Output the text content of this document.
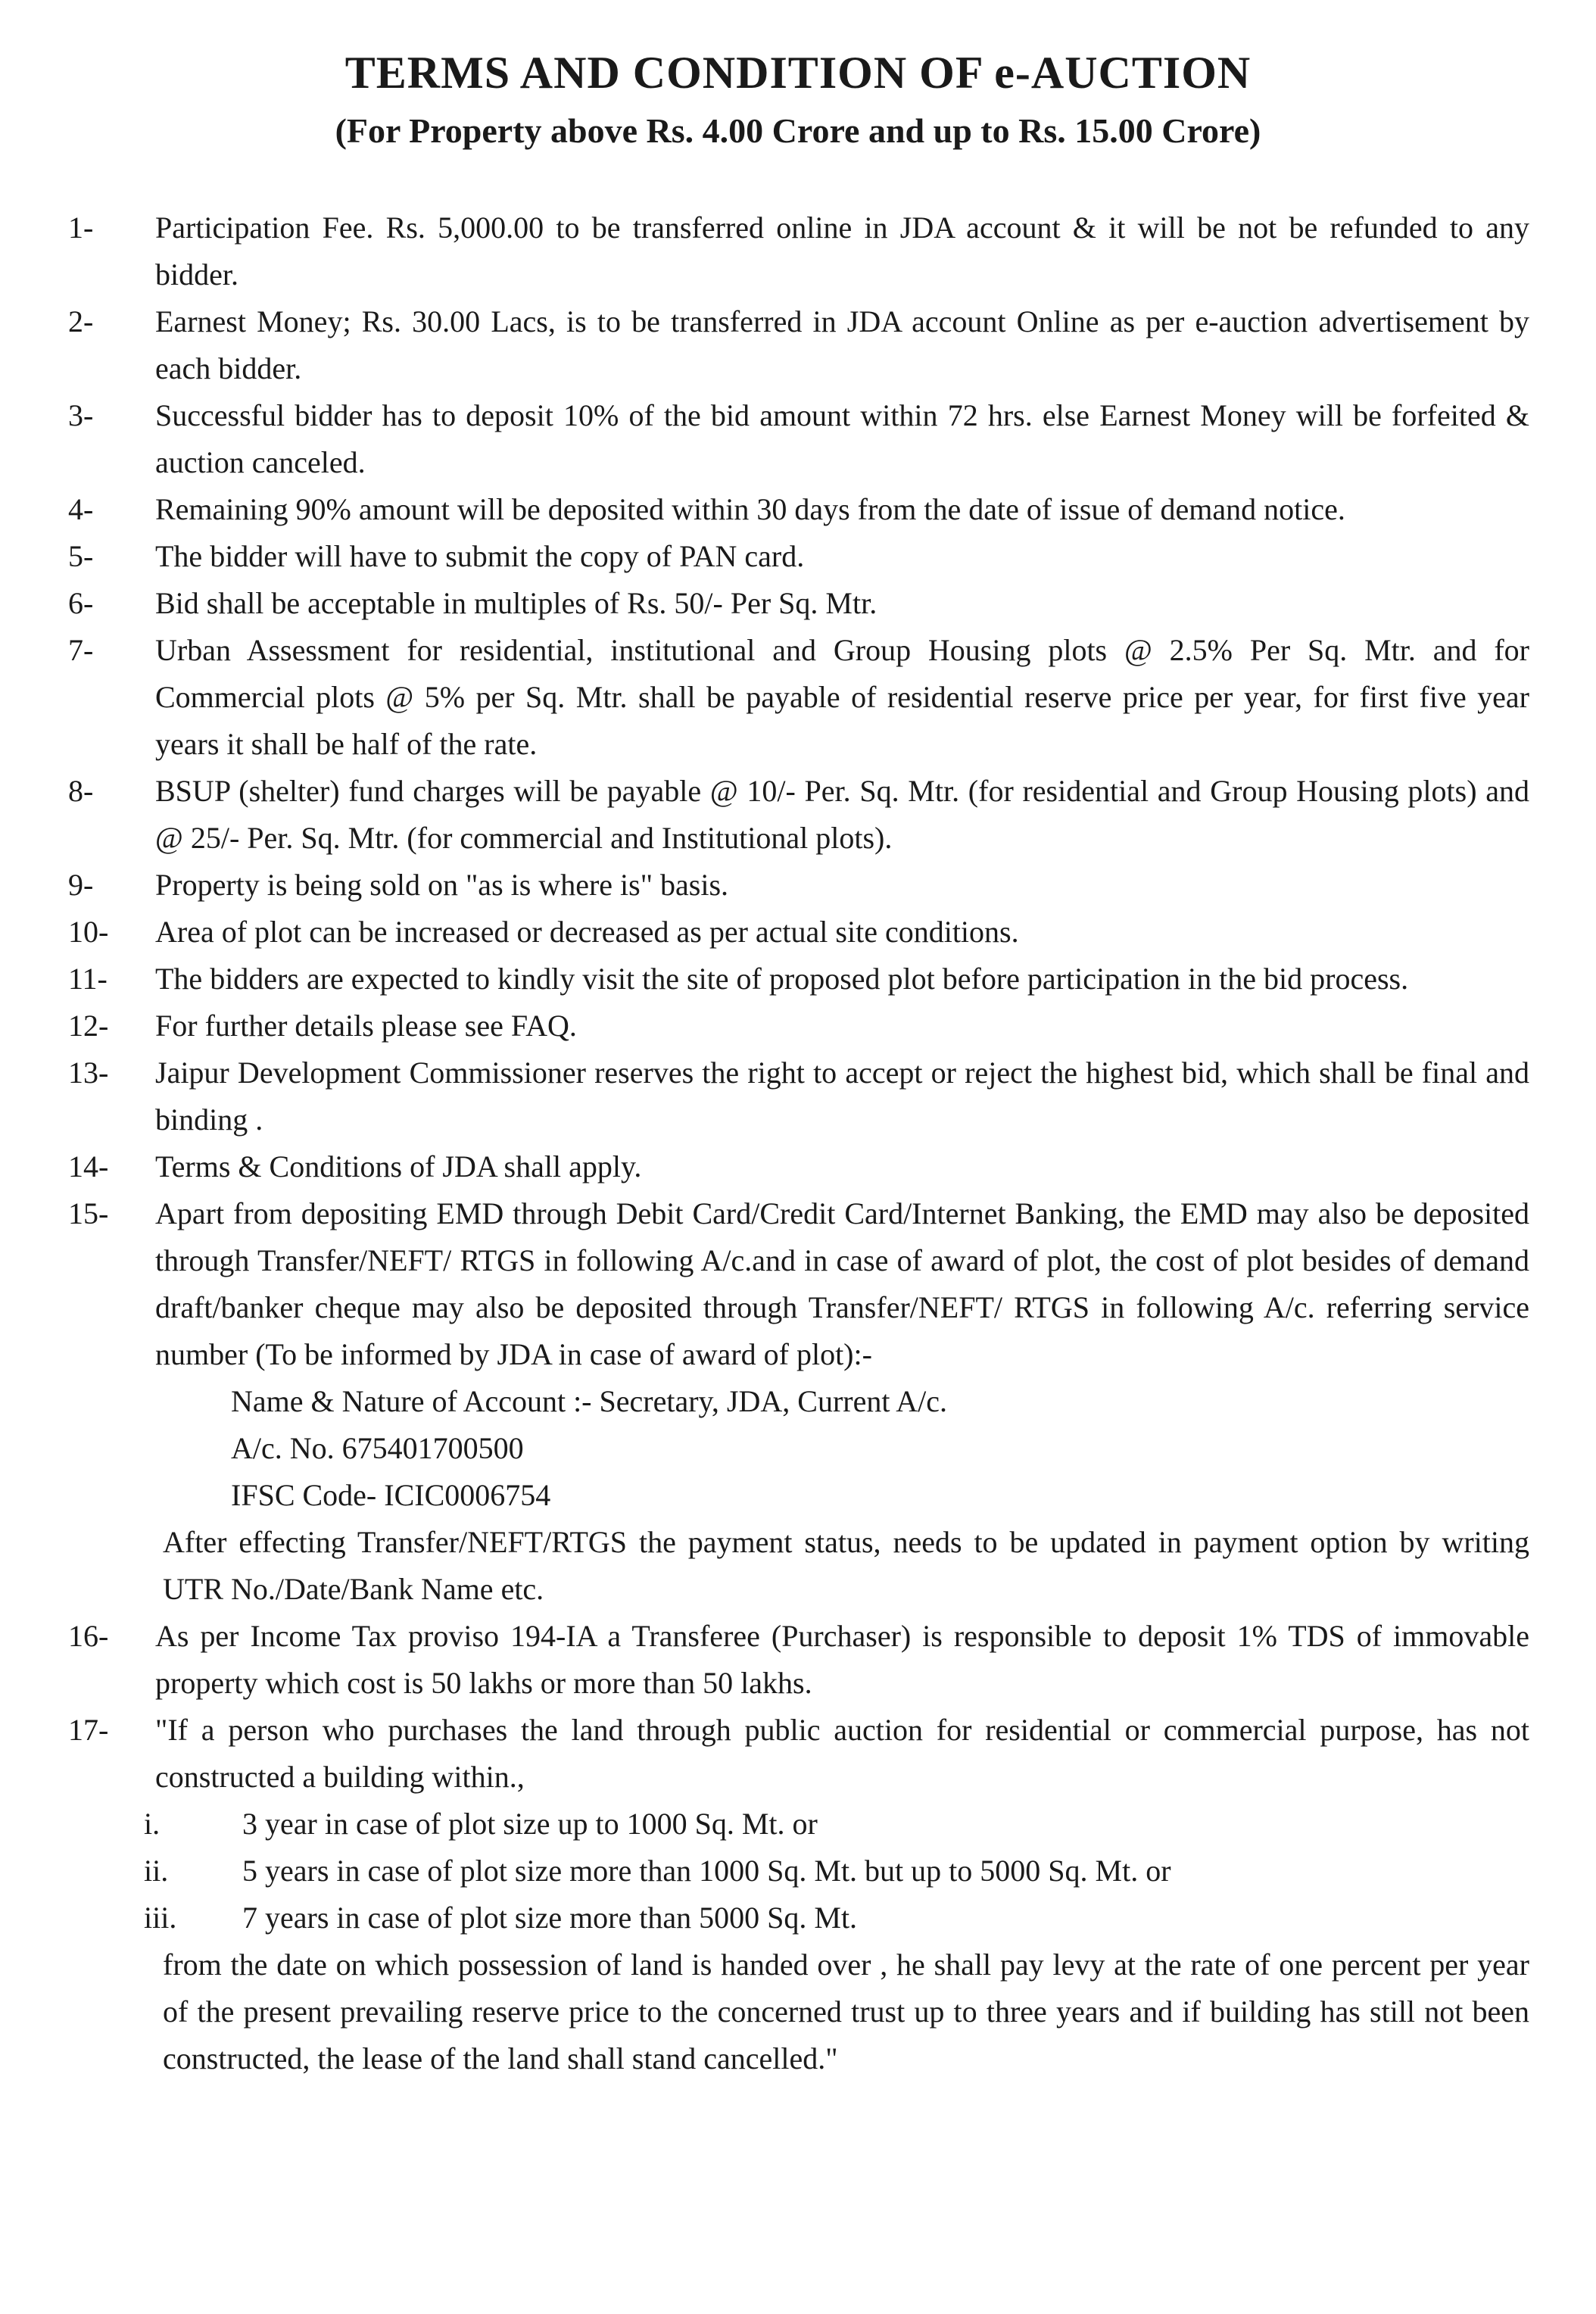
TERMS AND CONDITION OF e-AUCTION
(For Property above Rs. 4.00 Crore and up to Rs. 15.00 Crore)
1-	Participation Fee. Rs. 5,000.00 to be transferred online in JDA account & it will be not be refunded to any bidder.
2-	Earnest Money; Rs. 30.00 Lacs, is to be transferred in JDA account Online as per e-auction advertisement by each bidder.
3-	Successful bidder has to deposit 10% of the bid amount within 72 hrs. else Earnest Money will be forfeited & auction canceled.
4-	Remaining 90% amount will be deposited within 30 days from the date of issue of demand notice.
5-	The bidder will have to submit the copy of PAN card.
6-	Bid shall be acceptable in multiples of Rs. 50/- Per Sq. Mtr.
7-	Urban Assessment for residential, institutional and Group Housing plots @ 2.5% Per Sq. Mtr. and for Commercial plots @ 5% per Sq. Mtr. shall be payable of residential reserve price per year, for first five year years it shall be half of the rate.
8-	BSUP (shelter) fund charges will be payable @ 10/- Per. Sq. Mtr. (for residential and Group Housing plots) and @ 25/- Per. Sq. Mtr. (for commercial and Institutional plots).
9-	Property is being sold on "as is where is" basis.
10-	Area of plot can be increased or decreased as per actual site conditions.
11-	The bidders are expected to kindly visit the site of proposed plot before participation in the bid process.
12-	For further details please see FAQ.
13-	Jaipur Development Commissioner reserves the right to accept or reject the highest bid, which shall be final and binding .
14-	Terms & Conditions of JDA shall apply.
15-	Apart from depositing EMD through Debit Card/Credit Card/Internet Banking, the EMD may also be deposited through Transfer/NEFT/ RTGS in following A/c.and in case of award of plot, the cost of plot besides of demand draft/banker cheque may also be deposited through Transfer/NEFT/ RTGS in following A/c. referring service number (To be informed by JDA in case of award of plot):-
Name & Nature of Account :- Secretary, JDA, Current A/c.
A/c. No. 675401700500
IFSC Code- ICIC0006754
After effecting Transfer/NEFT/RTGS the payment status, needs to be updated in payment option by writing UTR No./Date/Bank Name etc.
16-	As per Income Tax proviso 194-IA a Transferee (Purchaser) is responsible to deposit 1% TDS of immovable property which cost is 50 lakhs or more than 50 lakhs.
17-	"If a person who purchases the land through public auction for residential or commercial purpose, has not constructed a building within.,
i.	3 year in case of plot size up to 1000 Sq. Mt. or
ii. 5 years in case of plot size more than 1000 Sq. Mt. but up to 5000 Sq. Mt. or
iii. 7 years in case of plot size more than 5000 Sq. Mt.
from the date on which possession of land is handed over , he shall pay levy at the rate of one percent per year of the present prevailing reserve price to the concerned trust up to three years and if building has still not been constructed, the lease of the land shall stand cancelled."
